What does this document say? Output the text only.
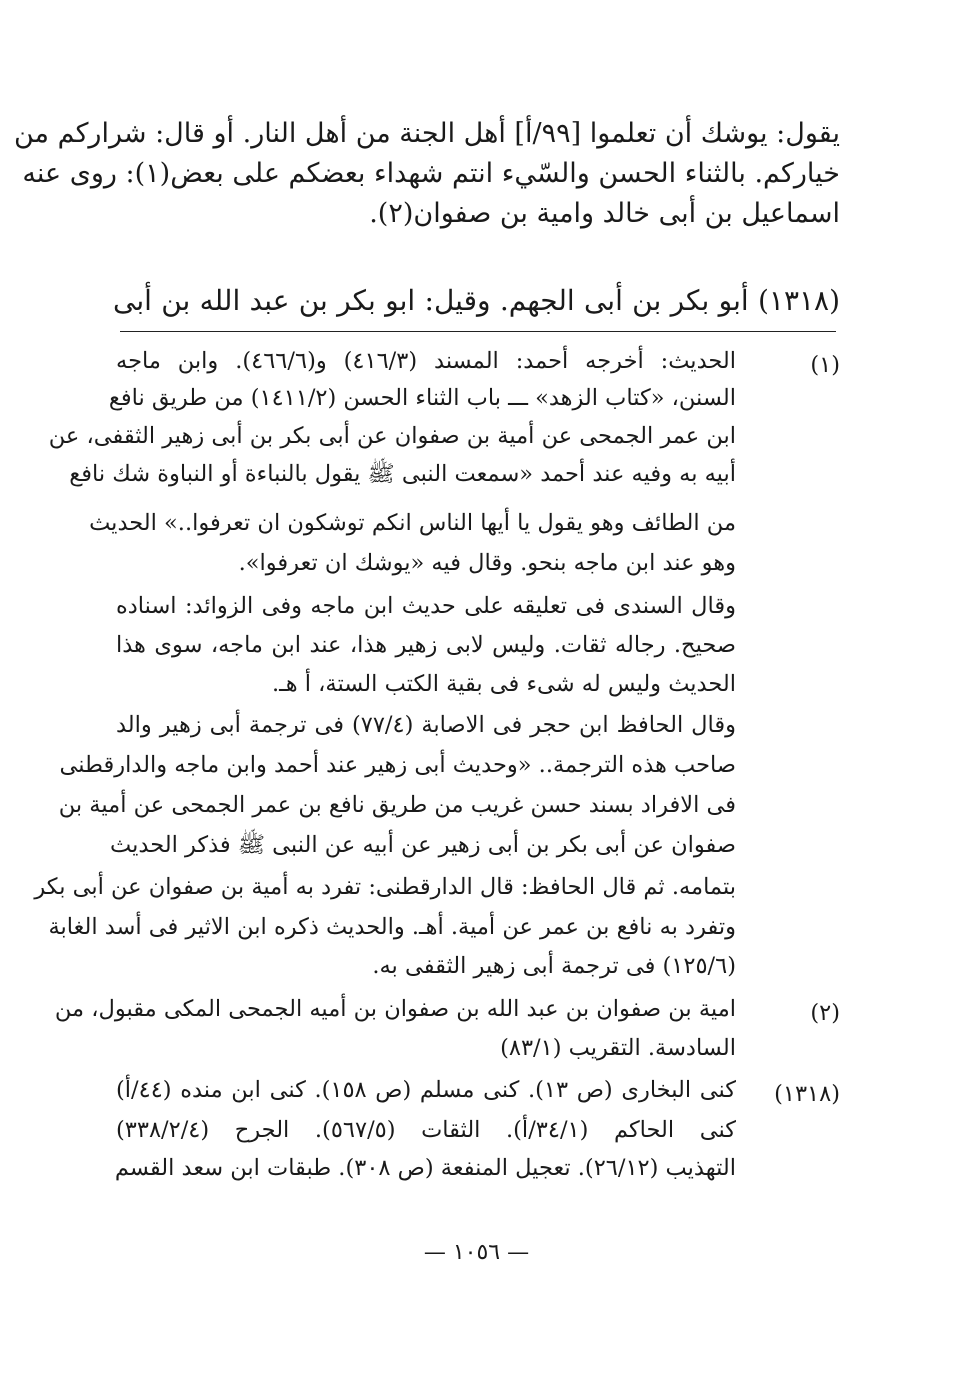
يقول: يوشك أن تعلموا [٩٩/أ] أهل الجنة من أهل النار. أو قال: شراركم من
خياركم. بالثناء الحسن والسّيء انتم شهداء بعضكم على بعض(١): روى عنه
اسماعيل بن أبى خالد وامية بن صفوان(٢).
(١٣١٨) أبو بكر بن أبى الجهم. وقيل: ابو بكر بن عبد الله بن أبى
(١)
الحديث: أخرجه أحمد: المسند (٤١٦/٣) و(٤٦٦/٦). وابن ماجه
السنن، «كتاب الزهد» ـــ باب الثناء الحسن (١٤١١/٢) من طريق نافع
ابن عمر الجمحى عن أمية بن صفوان عن أبى بكر بن أبى زهير الثقفى، عن
أبيه به وفيه عند أحمد «سمعت النبى ﷺ يقول بالنباءة أو النباوة شك نافع
من الطائف وهو يقول يا أيها الناس انكم توشكون ان تعرفوا..» الحديث
وهو عند ابن ماجه بنحو. وقال فيه «يوشك ان تعرفوا».
وقال السندى فى تعليقه على حديث ابن ماجه وفى الزوائد: اسناده
صحيح. رجاله ثقات. وليس لابى زهير هذا، عند ابن ماجه، سوى هذا
الحديث وليس له شىء فى بقية الكتب الستة، أ هـ.
وقال الحافظ ابن حجر فى الاصابة (٧٧/٤) فى ترجمة أبى زهير والد
صاحب هذه الترجمة.. «وحديث أبى زهير عند أحمد وابن ماجه والدارقطنى
فى الافراد بسند حسن غريب من طريق نافع بن عمر الجمحى عن أمية بن
صفوان عن أبى بكر بن أبى زهير عن أبيه عن النبى ﷺ فذكر الحديث
بتمامه. ثم قال الحافظ: قال الدارقطنى: تفرد به أمية بن صفوان عن أبى بكر
وتفرد به نافع بن عمر عن أمية. أهـ. والحديث ذكره ابن الاثير فى أسد الغابة
(١٢٥/٦) فى ترجمة أبى زهير الثقفى به.
(٢)
امية بن صفوان بن عبد الله بن صفوان بن أميه الجمحى المكى مقبول، من
السادسة. التقريب (٨٣/١)
(١٣١٨)
كنى البخارى (ص ١٣). كنى مسلم (ص ١٥٨). كنى ابن منده (٤٤/أ)
كنى الحاكم (٣٤/١/أ). الثقات (٥٦٧/٥). الجرح (٣٣٨/٢/٤)
التهذيب (٢٦/١٢). تعجيل المنفعة (ص ٣٠٨). طبقات ابن سعد القسم
— ١٠٥٦ —
